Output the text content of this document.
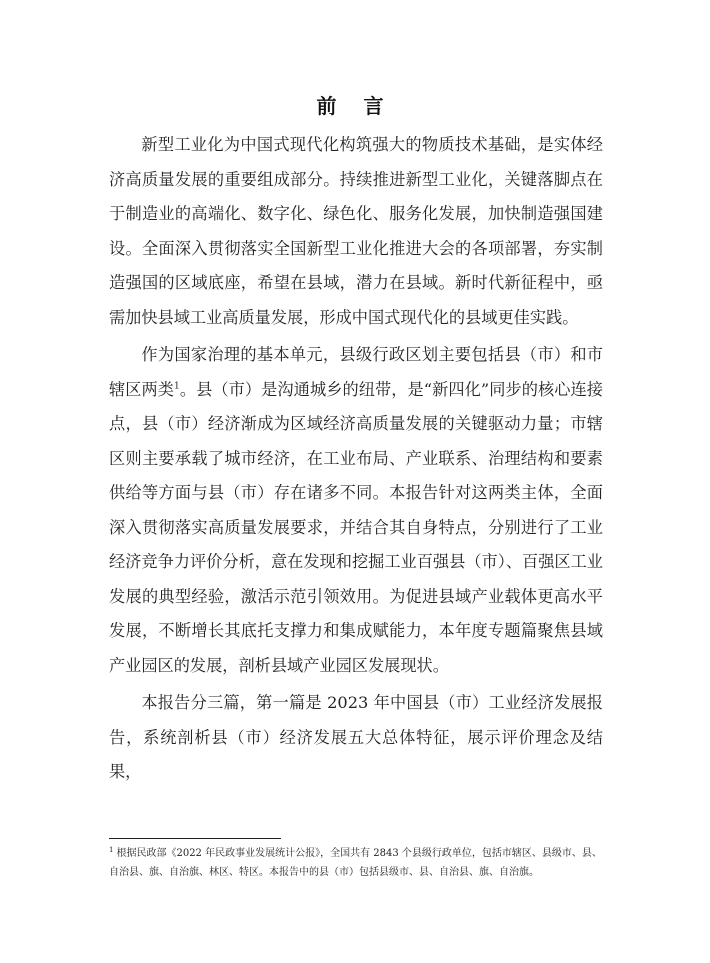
前 言

新型工业化为中国式现代化构筑强大的物质技术基础，是实体经济高质量发展的重要组成部分。持续推进新型工业化，关键落脚点在于制造业的高端化、数字化、绿色化、服务化发展，加快制造强国建设。全面深入贯彻落实全国新型工业化推进大会的各项部署，夯实制造强国的区域底座，希望在县域，潜力在县域。新时代新征程中，亟需加快县域工业高质量发展，形成中国式现代化的县域更佳实践。

作为国家治理的基本单元，县级行政区划主要包括县（市）和市辖区两类$^1$。县（市）是沟通城乡的纽带，是“新四化”同步的核心连接点，县（市）经济渐成为区域经济高质量发展的关键驱动力量；市辖区则主要承载了城市经济，在工业布局、产业联系、治理结构和要素供给等方面与县（市）存在诸多不同。本报告针对这两类主体，全面深入贯彻落实高质量发展要求，并结合其自身特点，分别进行了工业经济竞争力评价分析，意在发现和挖掘工业百强县（市）、百强区工业发展的典型经验，激活示范引领效用。为促进县域产业载体更高水平发展，不断增长其底托支撑力和集成赋能力，本年度专题篇聚焦县域产业园区的发展，剖析县域产业园区发展现状。

本报告分三篇，第一篇是 2023 年中国县（市）工业经济发展报告，系统剖析县（市）经济发展五大总体特征，展示评价理念及结果，

$^1$ 根据民政部《2022 年民政事业发展统计公报》，全国共有 2843 个县级行政单位，包括市辖区、县级市、县、自治县、旗、自治旗、林区、特区。本报告中的县（市）包括县级市、县、自治县、旗、自治旗。
